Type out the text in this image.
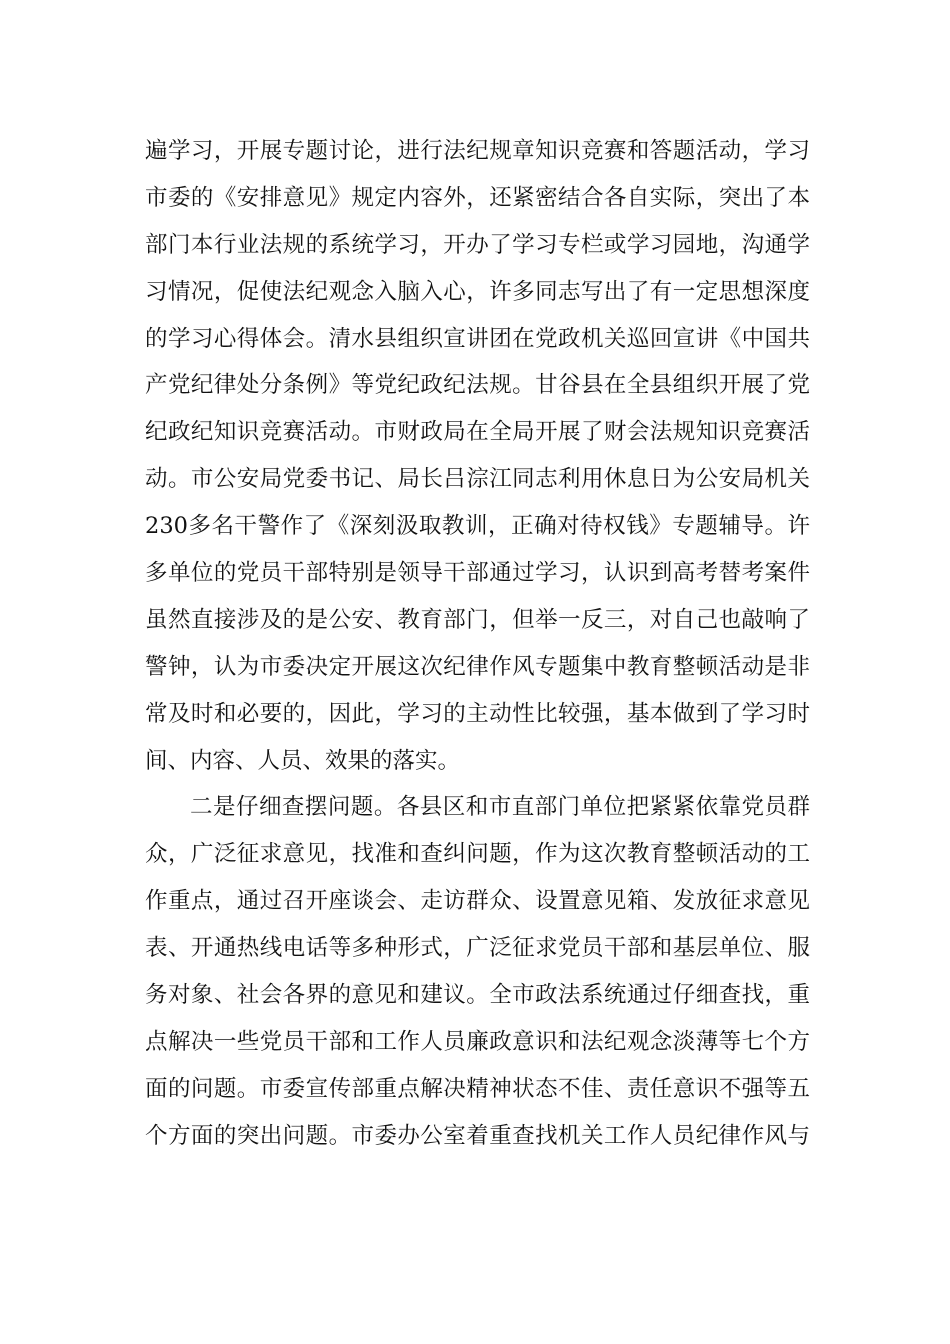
遍学习，开展专题讨论，进行法纪规章知识竞赛和答题活动，学习
市委的《安排意见》规定内容外，还紧密结合各自实际，突出了本
部门本行业法规的系统学习，开办了学习专栏或学习园地，沟通学
习情况，促使法纪观念入脑入心，许多同志写出了有一定思想深度
的学习心得体会。清水县组织宣讲团在党政机关巡回宣讲《中国共
产党纪律处分条例》等党纪政纪法规。甘谷县在全县组织开展了党
纪政纪知识竞赛活动。市财政局在全局开展了财会法规知识竞赛活
动。市公安局党委书记、局长吕淙江同志利用休息日为公安局机关
230多名干警作了《深刻汲取教训，正确对待权钱》专题辅导。许
多单位的党员干部特别是领导干部通过学习，认识到高考替考案件
虽然直接涉及的是公安、教育部门，但举一反三，对自己也敲响了
警钟，认为市委决定开展这次纪律作风专题集中教育整顿活动是非
常及时和必要的，因此，学习的主动性比较强，基本做到了学习时
间、内容、人员、效果的落实。
二是仔细查摆问题。各县区和市直部门单位把紧紧依靠党员群
众，广泛征求意见，找准和查纠问题，作为这次教育整顿活动的工
作重点，通过召开座谈会、走访群众、设置意见箱、发放征求意见
表、开通热线电话等多种形式，广泛征求党员干部和基层单位、服
务对象、社会各界的意见和建议。全市政法系统通过仔细查找，重
点解决一些党员干部和工作人员廉政意识和法纪观念淡薄等七个方
面的问题。市委宣传部重点解决精神状态不佳、责任意识不强等五
个方面的突出问题。市委办公室着重查找机关工作人员纪律作风与
